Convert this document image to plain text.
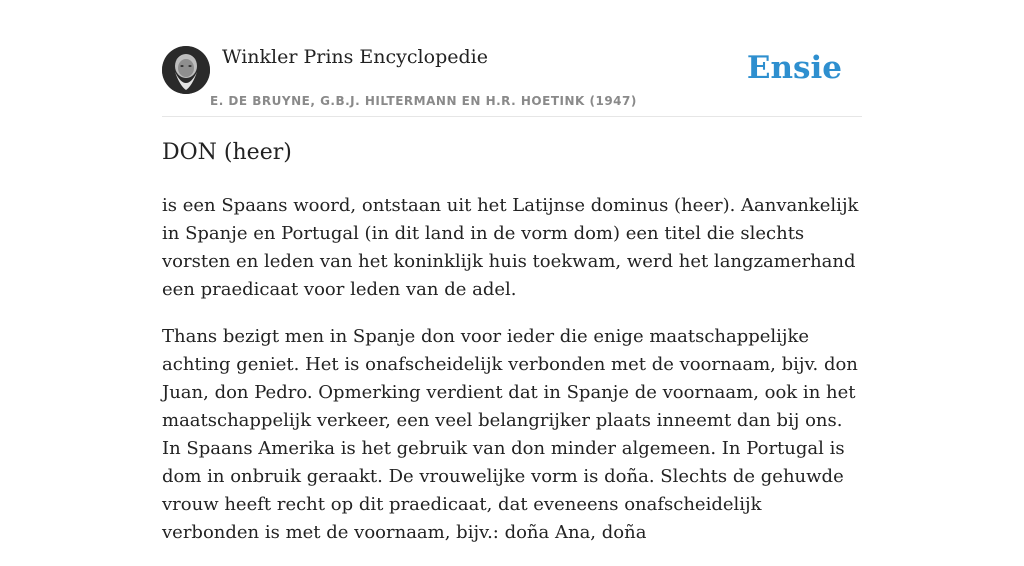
Winkler Prins Encyclopedie
E. DE BRUYNE, G.B.J. HILTERMANN EN H.R. HOETINK (1947)
Ensie
DON (heer)

is een Spaans woord, ontstaan uit het Latijnse dominus (heer). Aanvankelijk in Spanje en Portugal (in dit land in de vorm dom) een titel die slechts vorsten en leden van het koninklijk huis toekwam, werd het langzamerhand een praedicaat voor leden van de adel.

Thans bezigt men in Spanje don voor ieder die enige maatschappelijke achting geniet. Het is onafscheidelijk verbonden met de voornaam, bijv. don Juan, don Pedro. Opmerking verdient dat in Spanje de voornaam, ook in het maatschappelijk verkeer, een veel belangrijker plaats inneemt dan bij ons. In Spaans Amerika is het gebruik van don minder algemeen. In Portugal is dom in onbruik geraakt. De vrouwelijke vorm is doña. Slechts de gehuwde vrouw heeft recht op dit praedicaat, dat eveneens onafscheidelijk verbonden is met de voornaam, bijv.: doña Ana, doña
